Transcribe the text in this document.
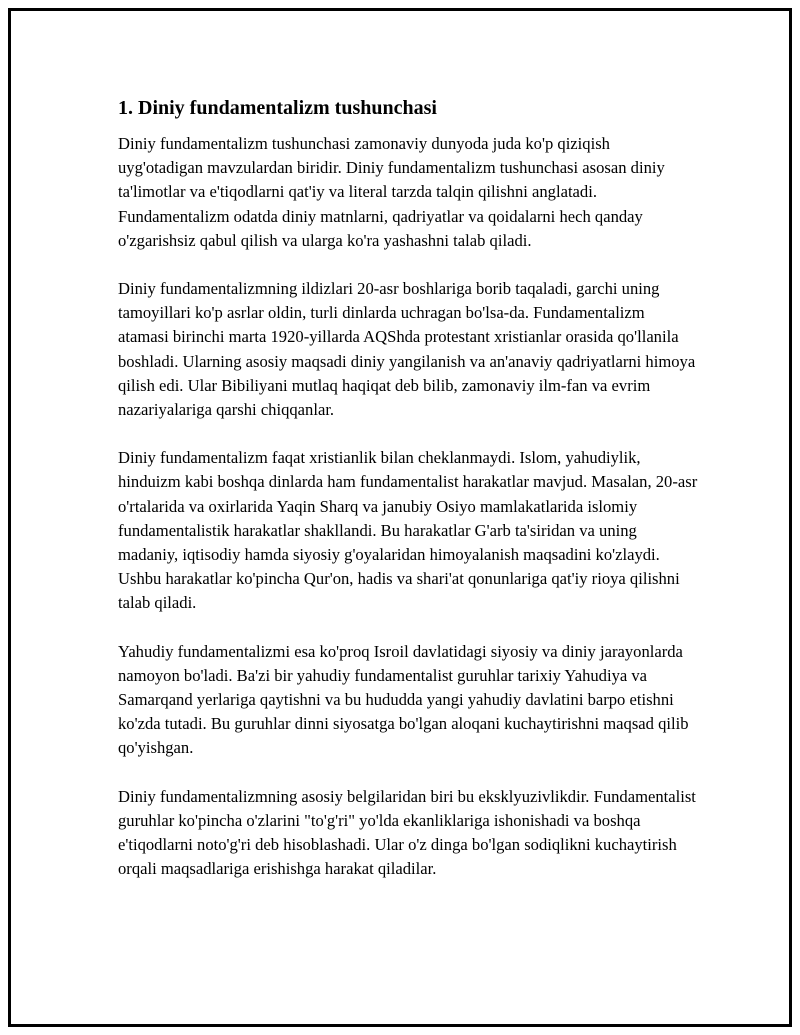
1. Diniy fundamentalizm tushunchasi

Diniy fundamentalizm tushunchasi zamonaviy dunyoda juda ko'p qiziqish uyg'otadigan mavzulardan biridir. Diniy fundamentalizm tushunchasi asosan diniy ta'limotlar va e'tiqodlarni qat'iy va literal tarzda talqin qilishni anglatadi. Fundamentalizm odatda diniy matnlarni, qadriyatlar va qoidalarni hech qanday o'zgarishsiz qabul qilish va ularga ko'ra yashashni talab qiladi.

Diniy fundamentalizmning ildizlari 20-asr boshlariga borib taqaladi, garchi uning tamoyillari ko'p asrlar oldin, turli dinlarda uchragan bo'lsa-da. Fundamentalizm atamasi birinchi marta 1920-yillarda AQShda protestant xristianlar orasida qo'llanila boshladi. Ularning asosiy maqsadi diniy yangilanish va an'anaviy qadriyatlarni himoya qilish edi. Ular Bibiliyani mutlaq haqiqat deb bilib, zamonaviy ilm-fan va evrim nazariyalariga qarshi chiqqanlar.

Diniy fundamentalizm faqat xristianlik bilan cheklanmaydi. Islom, yahudiylik, hinduizm kabi boshqa dinlarda ham fundamentalist harakatlar mavjud. Masalan, 20-asr o'rtalarida va oxirlarida Yaqin Sharq va janubiy Osiyo mamlakatlarida islomiy fundamentalistik harakatlar shakllandi. Bu harakatlar G'arb ta'siridan va uning madaniy, iqtisodiy hamda siyosiy g'oyalaridan himoyalanish maqsadini ko'zlaydi. Ushbu harakatlar ko'pincha Qur'on, hadis va shari'at qonunlariga qat'iy rioya qilishni talab qiladi.

Yahudiy fundamentalizmi esa ko'proq Isroil davlatidagi siyosiy va diniy jarayonlarda namoyon bo'ladi. Ba'zi bir yahudiy fundamentalist guruhlar tarixiy Yahudiya va Samarqand yerlariga qaytishni va bu hududda yangi yahudiy davlatini barpo etishni ko'zda tutadi. Bu guruhlar dinni siyosatga bo'lgan aloqani kuchaytirishni maqsad qilib qo'yishgan.

Diniy fundamentalizmning asosiy belgilaridan biri bu eksklyuzivlikdir. Fundamentalist guruhlar ko'pincha o'zlarini "to'g'ri" yo'lda ekanliklariga ishonishadi va boshqa e'tiqodlarni noto'g'ri deb hisoblashadi. Ular o'z dinga bo'lgan sodiqlikni kuchaytirish orqali maqsadlariga erishishga harakat qiladilar.
